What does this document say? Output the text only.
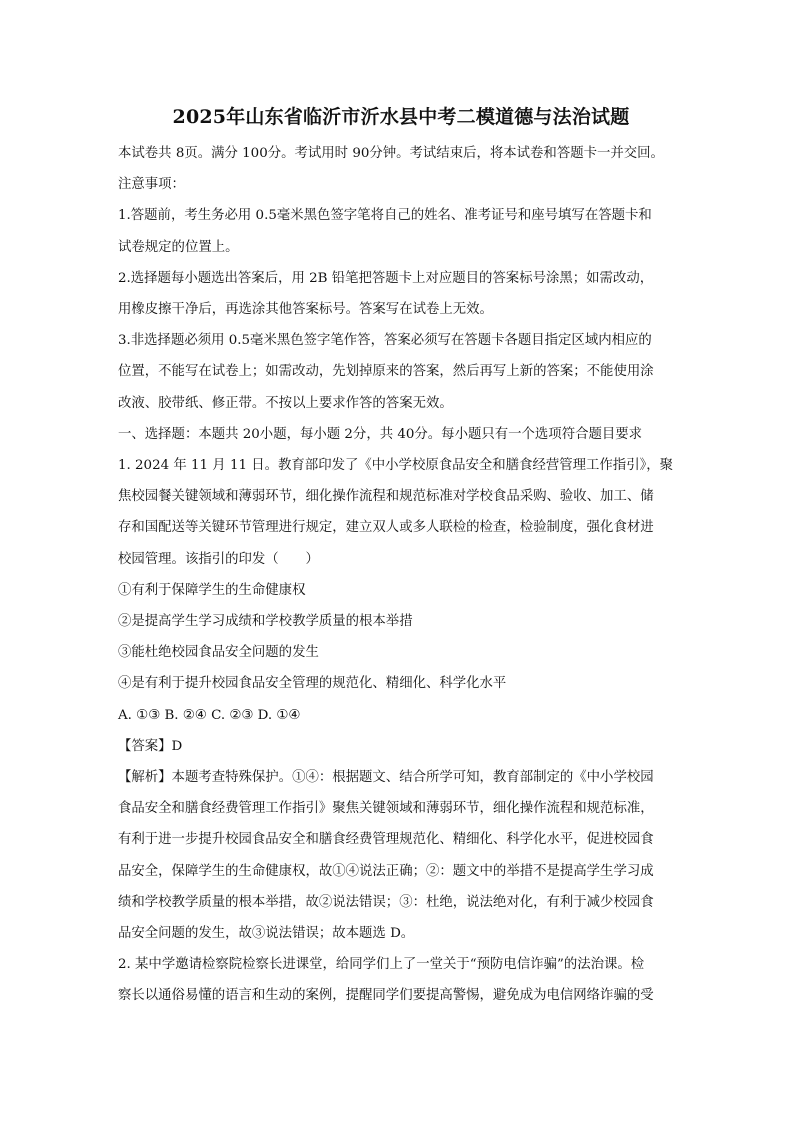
2025年山东省临沂市沂水县中考二模道德与法治试题

本试卷共 8页。满分 100分。考试用时 90分钟。考试结束后，将本试卷和答题卡一并交回。

注意事项：

1.答题前，考生务必用 0.5毫米黑色签字笔将自己的姓名、准考证号和座号填写在答题卡和

试卷规定的位置上。

2.选择题每小题选出答案后，用 2B 铅笔把答题卡上对应题目的答案标号涂黑；如需改动，

用橡皮擦干净后，再选涂其他答案标号。答案写在试卷上无效。

3.非选择题必须用 0.5毫米黑色签字笔作答，答案必须写在答题卡各题目指定区域内相应的

位置，不能写在试卷上；如需改动，先划掉原来的答案，然后再写上新的答案；不能使用涂

改液、胶带纸、修正带。不按以上要求作答的答案无效。

一、选择题：本题共 20小题，每小题 2分，共 40分。每小题只有一个选项符合题目要求

1. 2024 年 11 月 11 日。教育部印发了《中小学校原食品安全和膳食经营管理工作指引》，聚

焦校园餐关键领域和薄弱环节，细化操作流程和规范标准对学校食品采购、验收、加工、储

存和国配送等关键环节管理进行规定，建立双人或多人联检的检查，检验制度，强化食材进

校园管理。该指引的印发（　　）

①有利于保障学生的生命健康权

②是提高学生学习成绩和学校教学质量的根本举措

③能杜绝校园食品安全问题的发生

④是有利于提升校园食品安全管理的规范化、精细化、科学化水平

A. ①③ B. ②④ C. ②③ D. ①④

【答案】D

【解析】本题考查特殊保护。①④：根据题文、结合所学可知，教育部制定的《中小学校园

食品安全和膳食经费管理工作指引》聚焦关键领域和薄弱环节，细化操作流程和规范标准，

有利于进一步提升校园食品安全和膳食经费管理规范化、精细化、科学化水平，促进校园食

品安全，保障学生的生命健康权，故①④说法正确；②：题文中的举措不是提高学生学习成

绩和学校教学质量的根本举措，故②说法错误；③：杜绝，说法绝对化，有利于减少校园食

品安全问题的发生，故③说法错误；故本题选 D。

2. 某中学邀请检察院检察长进课堂，给同学们上了一堂关于“预防电信诈骗”的法治课。检

察长以通俗易懂的语言和生动的案例，提醒同学们要提高警惕，避免成为电信网络诈骗的受
